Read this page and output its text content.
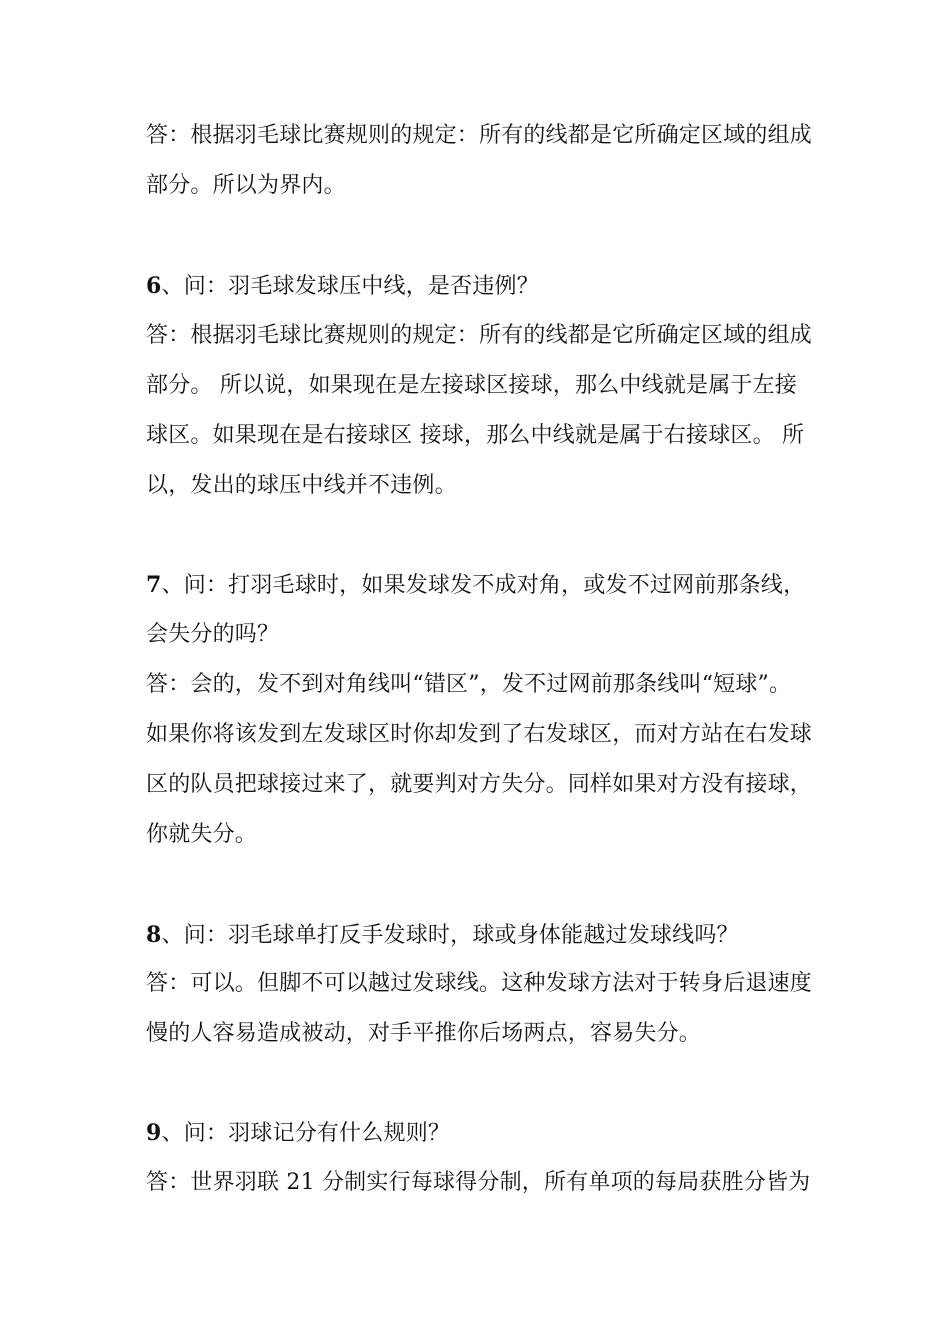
答：根据羽毛球比赛规则的规定：所有的线都是它所确定区域的组成
部分。所以为界内。
6、问：羽毛球发球压中线，是否违例？
答：根据羽毛球比赛规则的规定：所有的线都是它所确定区域的组成
部分。 所以说，如果现在是左接球区接球，那么中线就是属于左接
球区。如果现在是右接球区 接球，那么中线就是属于右接球区。 所
以，发出的球压中线并不违例。
7、问：打羽毛球时，如果发球发不成对角，或发不过网前那条线，
会失分的吗？
答：会的，发不到对角线叫“错区”，发不过网前那条线叫“短球”。
如果你将该发到左发球区时你却发到了右发球区，而对方站在右发球
区的队员把球接过来了，就要判对方失分。同样如果对方没有接球，
你就失分。
8、问：羽毛球单打反手发球时，球或身体能越过发球线吗？
答：可以。但脚不可以越过发球线。这种发球方法对于转身后退速度
慢的人容易造成被动，对手平推你后场两点，容易失分。
9、问：羽球记分有什么规则？
答：世界羽联 21 分制实行每球得分制，所有单项的每局获胜分皆为
